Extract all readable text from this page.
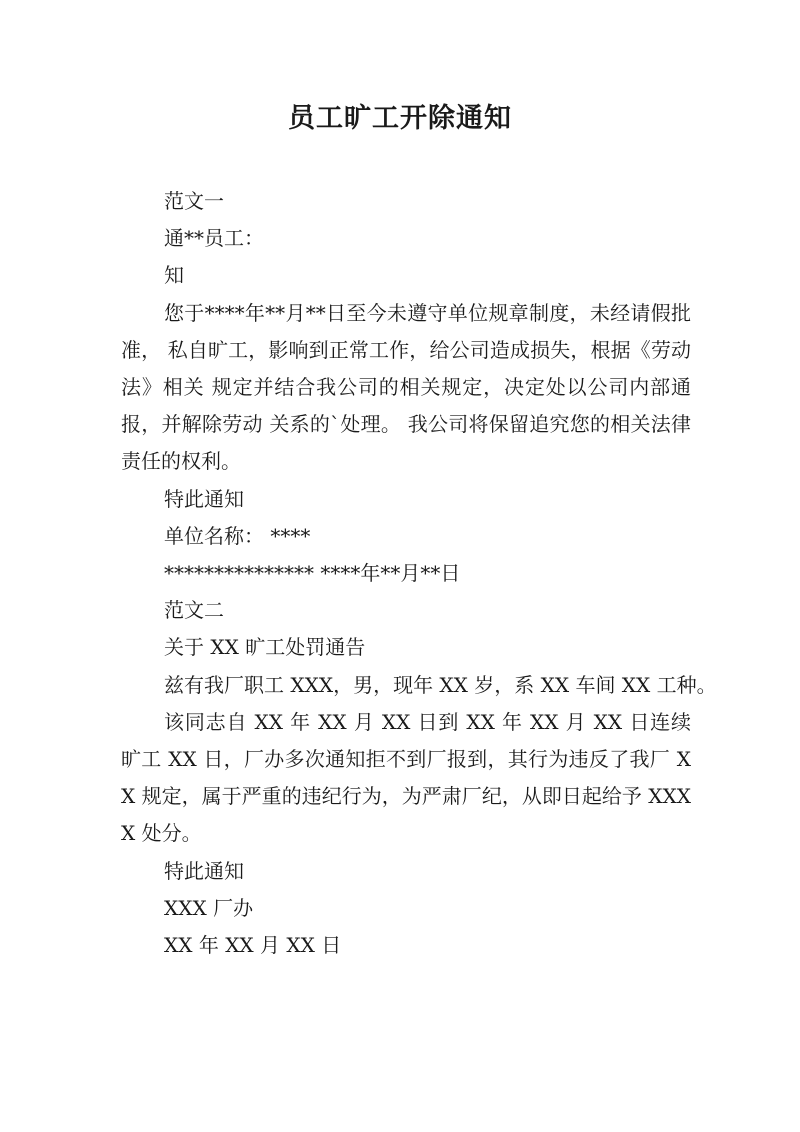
员工旷工开除通知

范文一

通**员工：

知

您于****年**月**日至今未遵守单位规章制度，未经请假批准， 私自旷工，影响到正常工作，给公司造成损失，根据《劳动法》相关 规定并结合我公司的相关规定，决定处以公司内部通报，并解除劳动 关系的`处理。 我公司将保留追究您的相关法律责任的权利。

特此通知

单位名称： ****

*************** ****年**月**日

范文二

关于 XX 旷工处罚通告

兹有我厂职工 XXX，男，现年 XX 岁，系 XX 车间 XX 工种。

该同志自 XX 年 XX 月 XX 日到 XX 年 XX 月 XX 日连续旷工 XX 日，厂办多次通知拒不到厂报到，其行为违反了我厂 XX 规定，属于严重的违纪行为，为严肃厂纪，从即日起给予 XXXX 处分。

特此通知

XXX 厂办

XX 年 XX 月 XX 日
